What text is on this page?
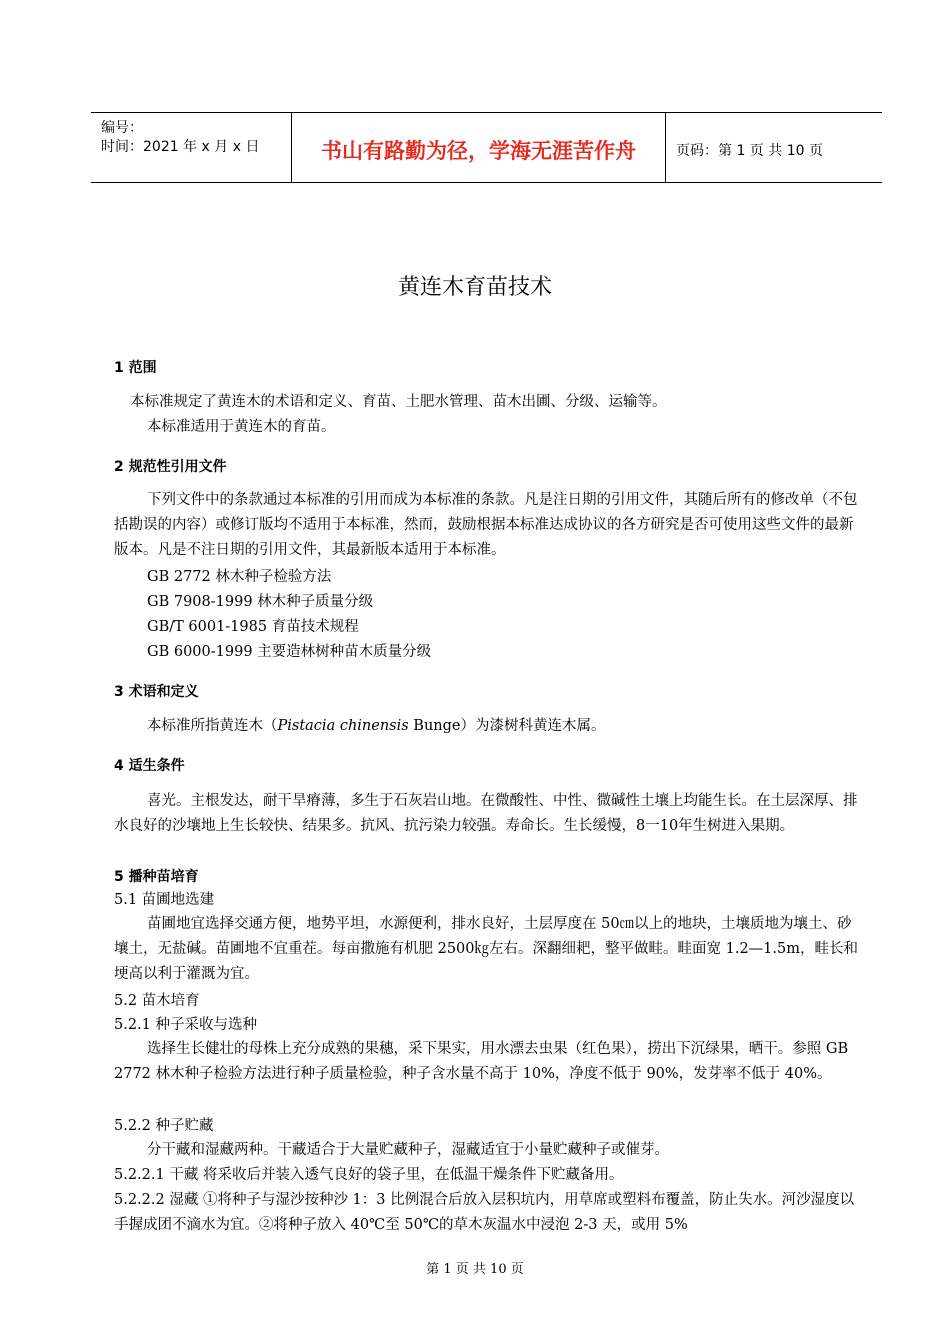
编号：
时间：2021 年 x 月 x 日	书山有路勤为径，学海无涯苦作舟	页码：第 1 页 共 10 页
黄连木育苗技术
1 范围
本标准规定了黄连木的术语和定义、育苗、土肥水管理、苗木出圃、分级、运输等。
本标准适用于黄连木的育苗。
2 规范性引用文件
下列文件中的条款通过本标准的引用而成为本标准的条款。凡是注日期的引用文件，其随后所有的修改单（不包括勘误的内容）或修订版均不适用于本标准，然而，鼓励根据本标准达成协议的各方研究是否可使用这些文件的最新版本。凡是不注日期的引用文件，其最新版本适用于本标准。
GB 2772 林木种子检验方法
GB 7908-1999 林木种子质量分级
GB/T 6001-1985 育苗技术规程
GB 6000-1999 主要造林树种苗木质量分级
3 术语和定义
本标准所指黄连木（Pistacia chinensis Bunge）为漆树科黄连木属。
4 适生条件
喜光。主根发达，耐干旱瘠薄，多生于石灰岩山地。在微酸性、中性、微碱性土壤上均能生长。在土层深厚、排水良好的沙壤地上生长较快、结果多。抗风、抗污染力较强。寿命长。生长缓慢，8一10年生树进入果期。
5 播种苗培育
5.1 苗圃地选建
苗圃地宜选择交通方便，地势平坦，水源便利，排水良好，土层厚度在 50㎝以上的地块，土壤质地为壤土、砂壤土，无盐碱。苗圃地不宜重茬。每亩撒施有机肥 2500㎏左右。深翻细耙，整平做畦。畦面宽 1.2—1.5m，畦长和埂高以利于灌溉为宜。
5.2 苗木培育
5.2.1 种子采收与选种
选择生长健壮的母株上充分成熟的果穗，采下果实，用水漂去虫果（红色果），捞出下沉绿果，晒干。参照 GB 2772 林木种子检验方法进行种子质量检验，种子含水量不高于 10%，净度不低于 90%，发芽率不低于 40%。
5.2.2 种子贮藏
分干藏和湿藏两种。干藏适合于大量贮藏种子，湿藏适宜于小量贮藏种子或催芽。
5.2.2.1 干藏 将采收后并装入透气良好的袋子里，在低温干燥条件下贮藏备用。
5.2.2.2 湿藏 ①将种子与湿沙按种沙 1：3 比例混合后放入层积坑内，用草席或塑料布覆盖，防止失水。河沙湿度以手握成团不滴水为宜。②将种子放入 40℃至 50℃的草木灰温水中浸泡 2-3 天，或用 5%
第 1 页 共 10 页
